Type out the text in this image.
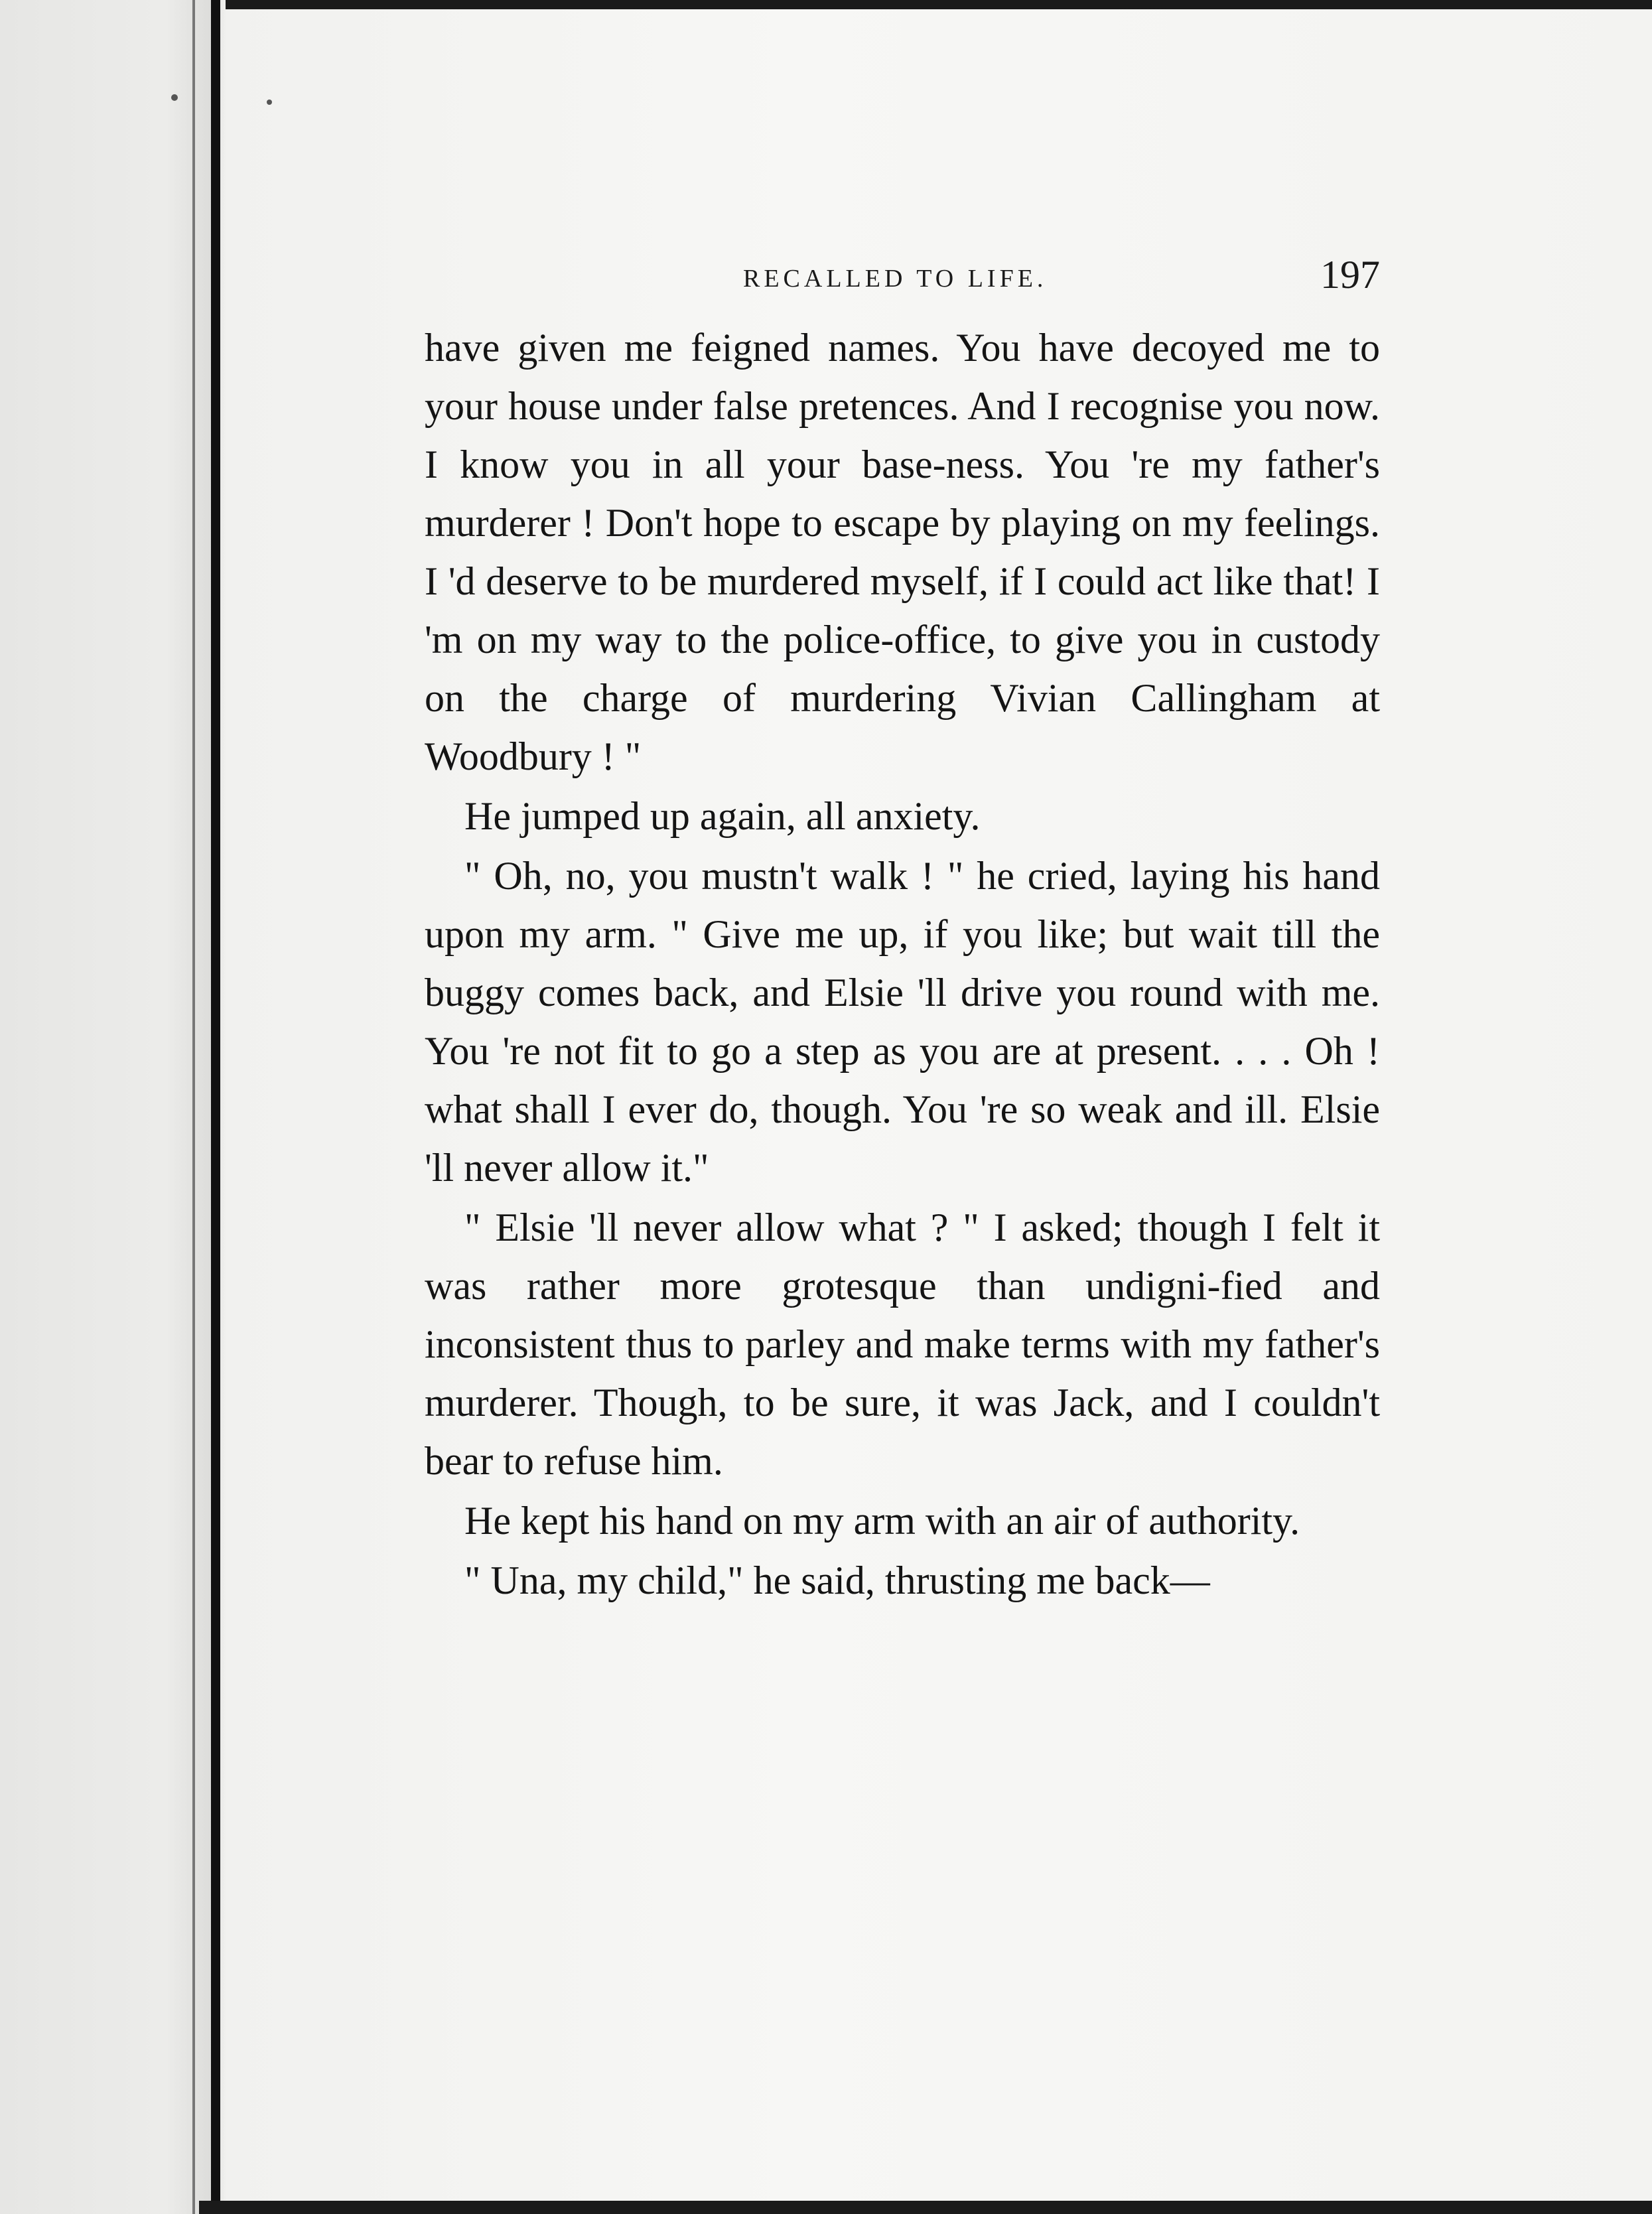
RECALLED TO LIFE.	197

have given me feigned names. You have decoyed me to your house under false pretences. And I recognise you now. I know you in all your base-ness. You 're my father's murderer ! Don't hope to escape by playing on my feelings. I 'd deserve to be murdered myself, if I could act like that! I 'm on my way to the police-office, to give you in custody on the charge of murdering Vivian Callingham at Woodbury ! "

He jumped up again, all anxiety.

" Oh, no, you mustn't walk ! " he cried, laying his hand upon my arm. " Give me up, if you like; but wait till the buggy comes back, and Elsie 'll drive you round with me. You 're not fit to go a step as you are at present. . . . Oh ! what shall I ever do, though. You 're so weak and ill. Elsie 'll never allow it."

" Elsie 'll never allow what ? " I asked; though I felt it was rather more grotesque than undigni-fied and inconsistent thus to parley and make terms with my father's murderer. Though, to be sure, it was Jack, and I couldn't bear to refuse him.

He kept his hand on my arm with an air of authority.

" Una, my child," he said, thrusting me back—
